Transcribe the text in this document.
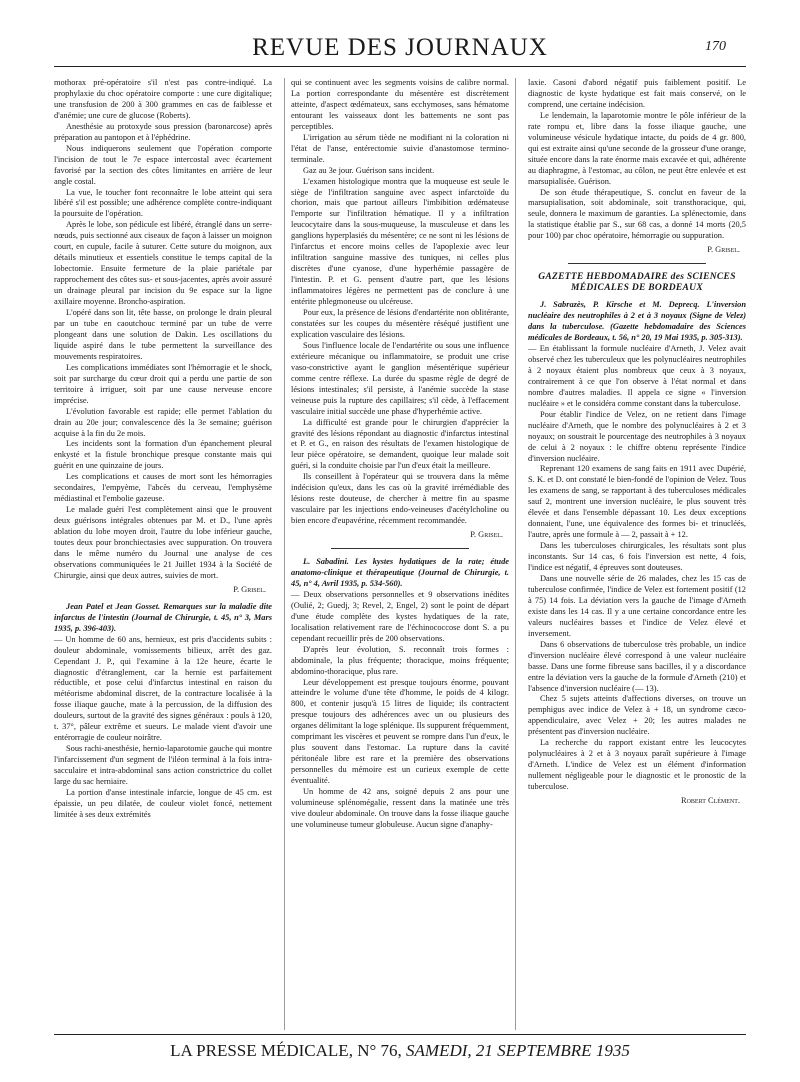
REVUE DES JOURNAUX	170

mothorax pré-opératoire s'il n'est pas contre-indiqué. La prophylaxie du choc opératoire comporte : une cure digitalique; une transfusion de 200 à 300 grammes en cas de faiblesse et d'anémie; une cure de glucose (Roberts).

Anesthésie au protoxyde sous pression (baronarcose) après préparation au pantopon et à l'éphédrine.

Nous indiquerons seulement que l'opération comporte l'incision de tout le 7e espace intercostal avec écartement favorisé par la section des côtes limitantes en arrière de leur angle costal.

La vue, le toucher font reconnaître le lobe atteint qui sera libéré s'il est possible; une adhérence complète contre-indiquant la poursuite de l'opération.

Après le lobe, son pédicule est libéré, étranglé dans un serre-nœuds, puis sectionné aux ciseaux de façon à laisser un moignon court, en cupule, facile à suturer. Cette suture du moignon, aux détails minutieux et essentiels constitue le temps capital de la lobectomie. Ensuite fermeture de la plaie pariétale par rapprochement des côtes sus- et sous-jacentes, après avoir assuré un drainage pleural par incision du 9e espace sur la ligne axillaire moyenne. Broncho-aspiration.

L'opéré dans son lit, tête basse, on prolonge le drain pleural par un tube en caoutchouc terminé par un tube de verre plongeant dans une solution de Dakin. Les oscillations du liquide aspiré dans le tube permettent la surveillance des mouvements respiratoires.

Les complications immédiates sont l'hémorragie et le shock, soit par surcharge du cœur droit qui a perdu une partie de son territoire à irriguer, soit par une cause nerveuse encore imprécise.

L'évolution favorable est rapide; elle permet l'ablation du drain au 20e jour; convalescence dès la 3e semaine; guérison acquise à la fin du 2e mois.

Les incidents sont la formation d'un épanchement pleural enkysté et la fistule bronchique presque constante mais qui guérit en une quinzaine de jours.

Les complications et causes de mort sont les hémorragies secondaires, l'empyème, l'abcès du cerveau, l'emphysème médiastinal et l'embolie gazeuse.

Le malade guéri l'est complètement ainsi que le prouvent deux guérisons intégrales obtenues par M. et D., l'une après ablation du lobe moyen droit, l'autre du lobe inférieur gauche, toutes deux pour bronchiectasies avec suppuration. On trouvera dans le même numéro du Journal une analyse de ces observations communiquées le 21 Juillet 1934 à la Société de Chirurgie, ainsi que deux autres, suivies de mort.

P. Grisel.

Jean Patel et Jean Gosset. Remarques sur la maladie dite infarctus de l'intestin (Journal de Chirurgie, t. 45, n° 3, Mars 1935, p. 396-403).

— Un homme de 60 ans, hernieux, est pris d'accidents subits : douleur abdominale, vomissements bilieux, arrêt des gaz. Cependant J. P., qui l'examine à la 12e heure, écarte le diagnostic d'étranglement, car la hernie est parfaitement réductible, et pose celui d'infarctus intestinal en raison du météorisme abdominal discret, de la contracture localisée à la fosse iliaque gauche, mate à la percussion, de la diffusion des douleurs, surtout de la gravité des signes généraux : pouls à 120, t. 37°, pâleur extrême et sueurs. Le malade vient d'avoir une entérorragie de couleur noirâtre.

Sous rachi-anesthésie, hernio-laparotomie gauche qui montre l'infarcissement d'un segment de l'iléon terminal à la fois intra-sacculaire et intra-abdominal sans action constrictrice du collet large du sac herniaire.

La portion d'anse intestinale infarcie, longue de 45 cm. est épaissie, un peu dilatée, de couleur violet foncé, nettement limitée à ses deux extrémités

qui se continuent avec les segments voisins de calibre normal. La portion correspondante du mésentère est discrètement atteinte, d'aspect œdémateux, sans ecchymoses, sans hématome entourant les vaisseaux dont les battements ne sont pas perceptibles.

L'irrigation au sérum tiède ne modifiant ni la coloration ni l'état de l'anse, entérectomie suivie d'anastomose termino-terminale.

Gaz au 3e jour. Guérison sans incident.

L'examen histologique montra que la muqueuse est seule le siège de l'infiltration sanguine avec aspect infarctoïde du chorion, mais que partout ailleurs l'imbibition œdémateuse l'emporte sur l'infiltration hématique. Il y a infiltration leucocytaire dans la sous-muqueuse, la musculeuse et dans les ganglions hyperplasiés du mésentère; ce ne sont ni les lésions de l'infarctus et encore moins celles de l'apoplexie avec leur infiltration sanguine massive des tuniques, ni celles plus discrètes d'une cyanose, d'une hyperhémie passagère de l'intestin. P. et G. pensent d'autre part, que les lésions inflammatoires légères ne permettent pas de conclure à une entérite phlegmoneuse ou ulcéreuse.

Pour eux, la présence de lésions d'endartérite non oblitérante, constatées sur les coupes du mésentère réséqué justifient une explication vasculaire des lésions.

Sous l'influence locale de l'endartérite ou sous une influence extérieure mécanique ou inflammatoire, se produit une crise vaso-constrictive ayant le ganglion mésentérique supérieur comme centre réflexe. La durée du spasme règle de degré de lésions intestinales; s'il persiste, à l'anémie succède la stase veineuse puis la rupture des capillaires; s'il cède, à l'effacement vasculaire initial succède une phase d'hyperhémie active.

La difficulté est grande pour le chirurgien d'apprécier la gravité des lésions répondant au diagnostic d'infarctus intestinal et P. et G., en raison des résultats de l'examen histologique de leur pièce opératoire, se demandent, quoique leur malade soit guéri, si la conduite choisie par l'un d'eux était la meilleure.

Ils conseillent à l'opérateur qui se trouvera dans la même indécision qu'eux, dans les cas où la gravité irrémédiable des lésions reste douteuse, de chercher à mettre fin au spasme vasculaire par les injections endo-veineuses d'acétylcholine ou bien encore d'eupavérine, récemment recommandée.

P. Grisel.

L. Sabadini. Les kystes hydatiques de la rate; étude anatomo-clinique et thérapeutique (Journal de Chirurgie, t. 45, n° 4, Avril 1935, p. 534-560).

— Deux observations personnelles et 9 observations inédites (Oulié, 2; Guedj, 3; Revel, 2, Engel, 2) sont le point de départ d'une étude complète des kystes hydatiques de la rate, localisation relativement rare de l'échinococcose dont S. a pu cependant recueillir près de 200 observations.

D'après leur évolution, S. reconnaît trois formes : abdominale, la plus fréquente; thoracique, moins fréquente; abdomino-thoracique, plus rare.

Leur développement est presque toujours énorme, pouvant atteindre le volume d'une tête d'homme, le poids de 4 kilogr. 800, et contenir jusqu'à 15 litres de liquide; ils contractent presque toujours des adhérences avec un ou plusieurs des organes délimitant la loge splénique. Ils suppurent fréquemment, comprimant les viscères et peuvent se rompre dans l'un d'eux, le plus souvent dans l'estomac. La rupture dans la cavité péritonéale libre est rare et la première des observations personnelles du mémoire est un curieux exemple de cette éventualité.

Un homme de 42 ans, soigné depuis 2 ans pour une volumineuse splénomégalie, ressent dans la matinée une très vive douleur abdominale. On trouve dans la fosse iliaque gauche une volumineuse tumeur globuleuse. Aucun signe d'anaphy-

laxie. Casoni d'abord négatif puis faiblement positif. Le diagnostic de kyste hydatique est fait mais conservé, on le comprend, une certaine indécision.

Le lendemain, la laparotomie montre le pôle inférieur de la rate rompu et, libre dans la fosse iliaque gauche, une volumineuse vésicule hydatique intacte, du poids de 4 gr. 800, qui est extraite ainsi qu'une seconde de la grosseur d'une orange, située encore dans la rate énorme mais excavée et qui, adhérente au diaphragme, à l'estomac, au côlon, ne peut être enlevée et est marsupialisée. Guérison.

De son étude thérapeutique, S. conclut en faveur de la marsupialisation, soit abdominale, soit transthoracique, qui, seule, donnera le maximum de garanties. La splénectomie, dans la statistique établie par S., sur 68 cas, a donné 14 morts (20,5 pour 100) par choc opératoire, hémorragie ou suppuration.

P. Grisel.
GAZETTE HEBDOMADAIRE des SCIENCES MÉDICALES DE BORDEAUX

J. Sabrazès, P. Kirsche et M. Deprecq. L'inversion nucléaire des neutrophiles à 2 et à 3 noyaux (Signe de Velez) dans la tuberculose. (Gazette hebdomadaire des Sciences médicales de Bordeaux, t. 56, n° 20, 19 Mai 1935, p. 305-313).

— En établissant la formule nucléaire d'Arneth, J. Velez avait observé chez les tuberculeux que les polynucléaires neutrophiles à 2 noyaux étaient plus nombreux que ceux à 3 noyaux, contrairement à ce que l'on observe à l'état normal et dans nombre d'autres maladies. Il appela ce signe « l'inversion nucléaire » et le considéra comme constant dans la tuberculose.

Pour établir l'indice de Velez, on ne retient dans l'image nucléaire d'Arneth, que le nombre des polynucléaires à 2 et 3 noyaux; on soustrait le pourcentage des neutrophiles à 3 noyaux de celui à 2 noyaux : le chiffre obtenu représente l'indice d'inversion nucléaire.

Reprenant 120 examens de sang faits en 1911 avec Dupérié, S. K. et D. ont constaté le bien-fondé de l'opinion de Velez. Tous les examens de sang, se rapportant à des tuberculoses médicales sauf 2, montrent une inversion nucléaire, le plus souvent très élevée et dans l'ensemble dépassant 10. Les deux exceptions donnaient, l'une, une équivalence des formes bi- et trinucléés, l'autre, après une formule à — 2, passait à + 12.

Dans les tuberculoses chirurgicales, les résultats sont plus inconstants. Sur 14 cas, 6 fois l'inversion est nette, 4 fois, l'indice est négatif, 4 épreuves sont douteuses.

Dans une nouvelle série de 26 malades, chez les 15 cas de tuberculose confirmée, l'indice de Velez est fortement positif (12 à 75) 14 fois. La déviation vers la gauche de l'image d'Arneth existe dans les 14 cas. Il y a une certaine concordance entre les valeurs nucléaires basses et l'indice de Velez élevé et inversement.

Dans 6 observations de tuberculose très probable, un indice d'inversion nucléaire élevé correspond à une valeur nucléaire basse. Dans une forme fibreuse sans bacilles, il y a discordance entre la déviation vers la gauche de la formule d'Arneth (210) et l'absence d'inversion nucléaire (— 13).

Chez 5 sujets atteints d'affections diverses, on trouve un pemphigus avec indice de Velez à + 18, un syndrome cæco-appendiculaire, avec Velez + 20; les autres malades ne présentent pas d'inversion nucléaire.

La recherche du rapport existant entre les leucocytes polynucléaires à 2 et à 3 noyaux paraît supérieure à l'image d'Arneth. L'indice de Velez est un élément d'information nullement négligeable pour le diagnostic et le pronostic de la tuberculose.

Robert Clément.
LA PRESSE MÉDICALE, N° 76, SAMEDI, 21 SEPTEMBRE 1935
